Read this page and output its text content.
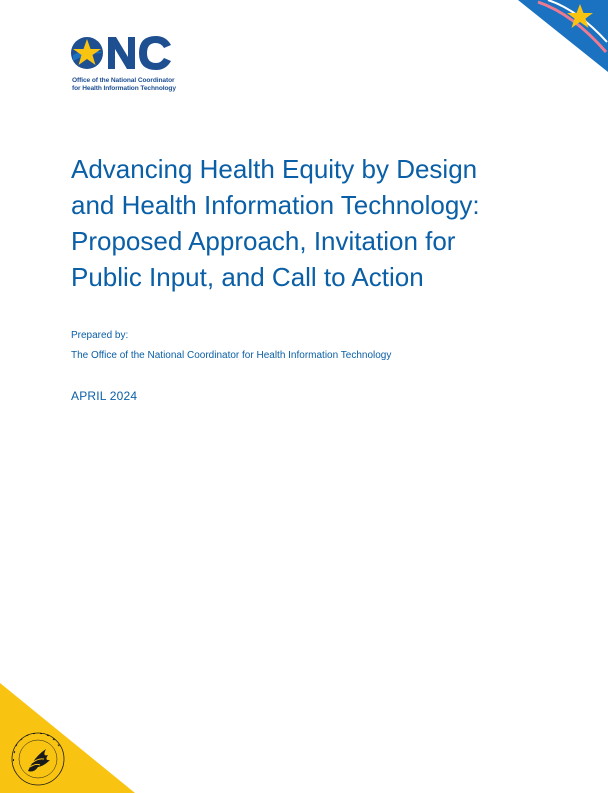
Office of the National Coordinator
for Health Information Technology
Advancing Health Equity by Design
and Health Information Technology:
Proposed Approach, Invitation for
Public Input, and Call to Action
Prepared by:
The Office of the National Coordinator for Health Information Technology
APRIL 2024
